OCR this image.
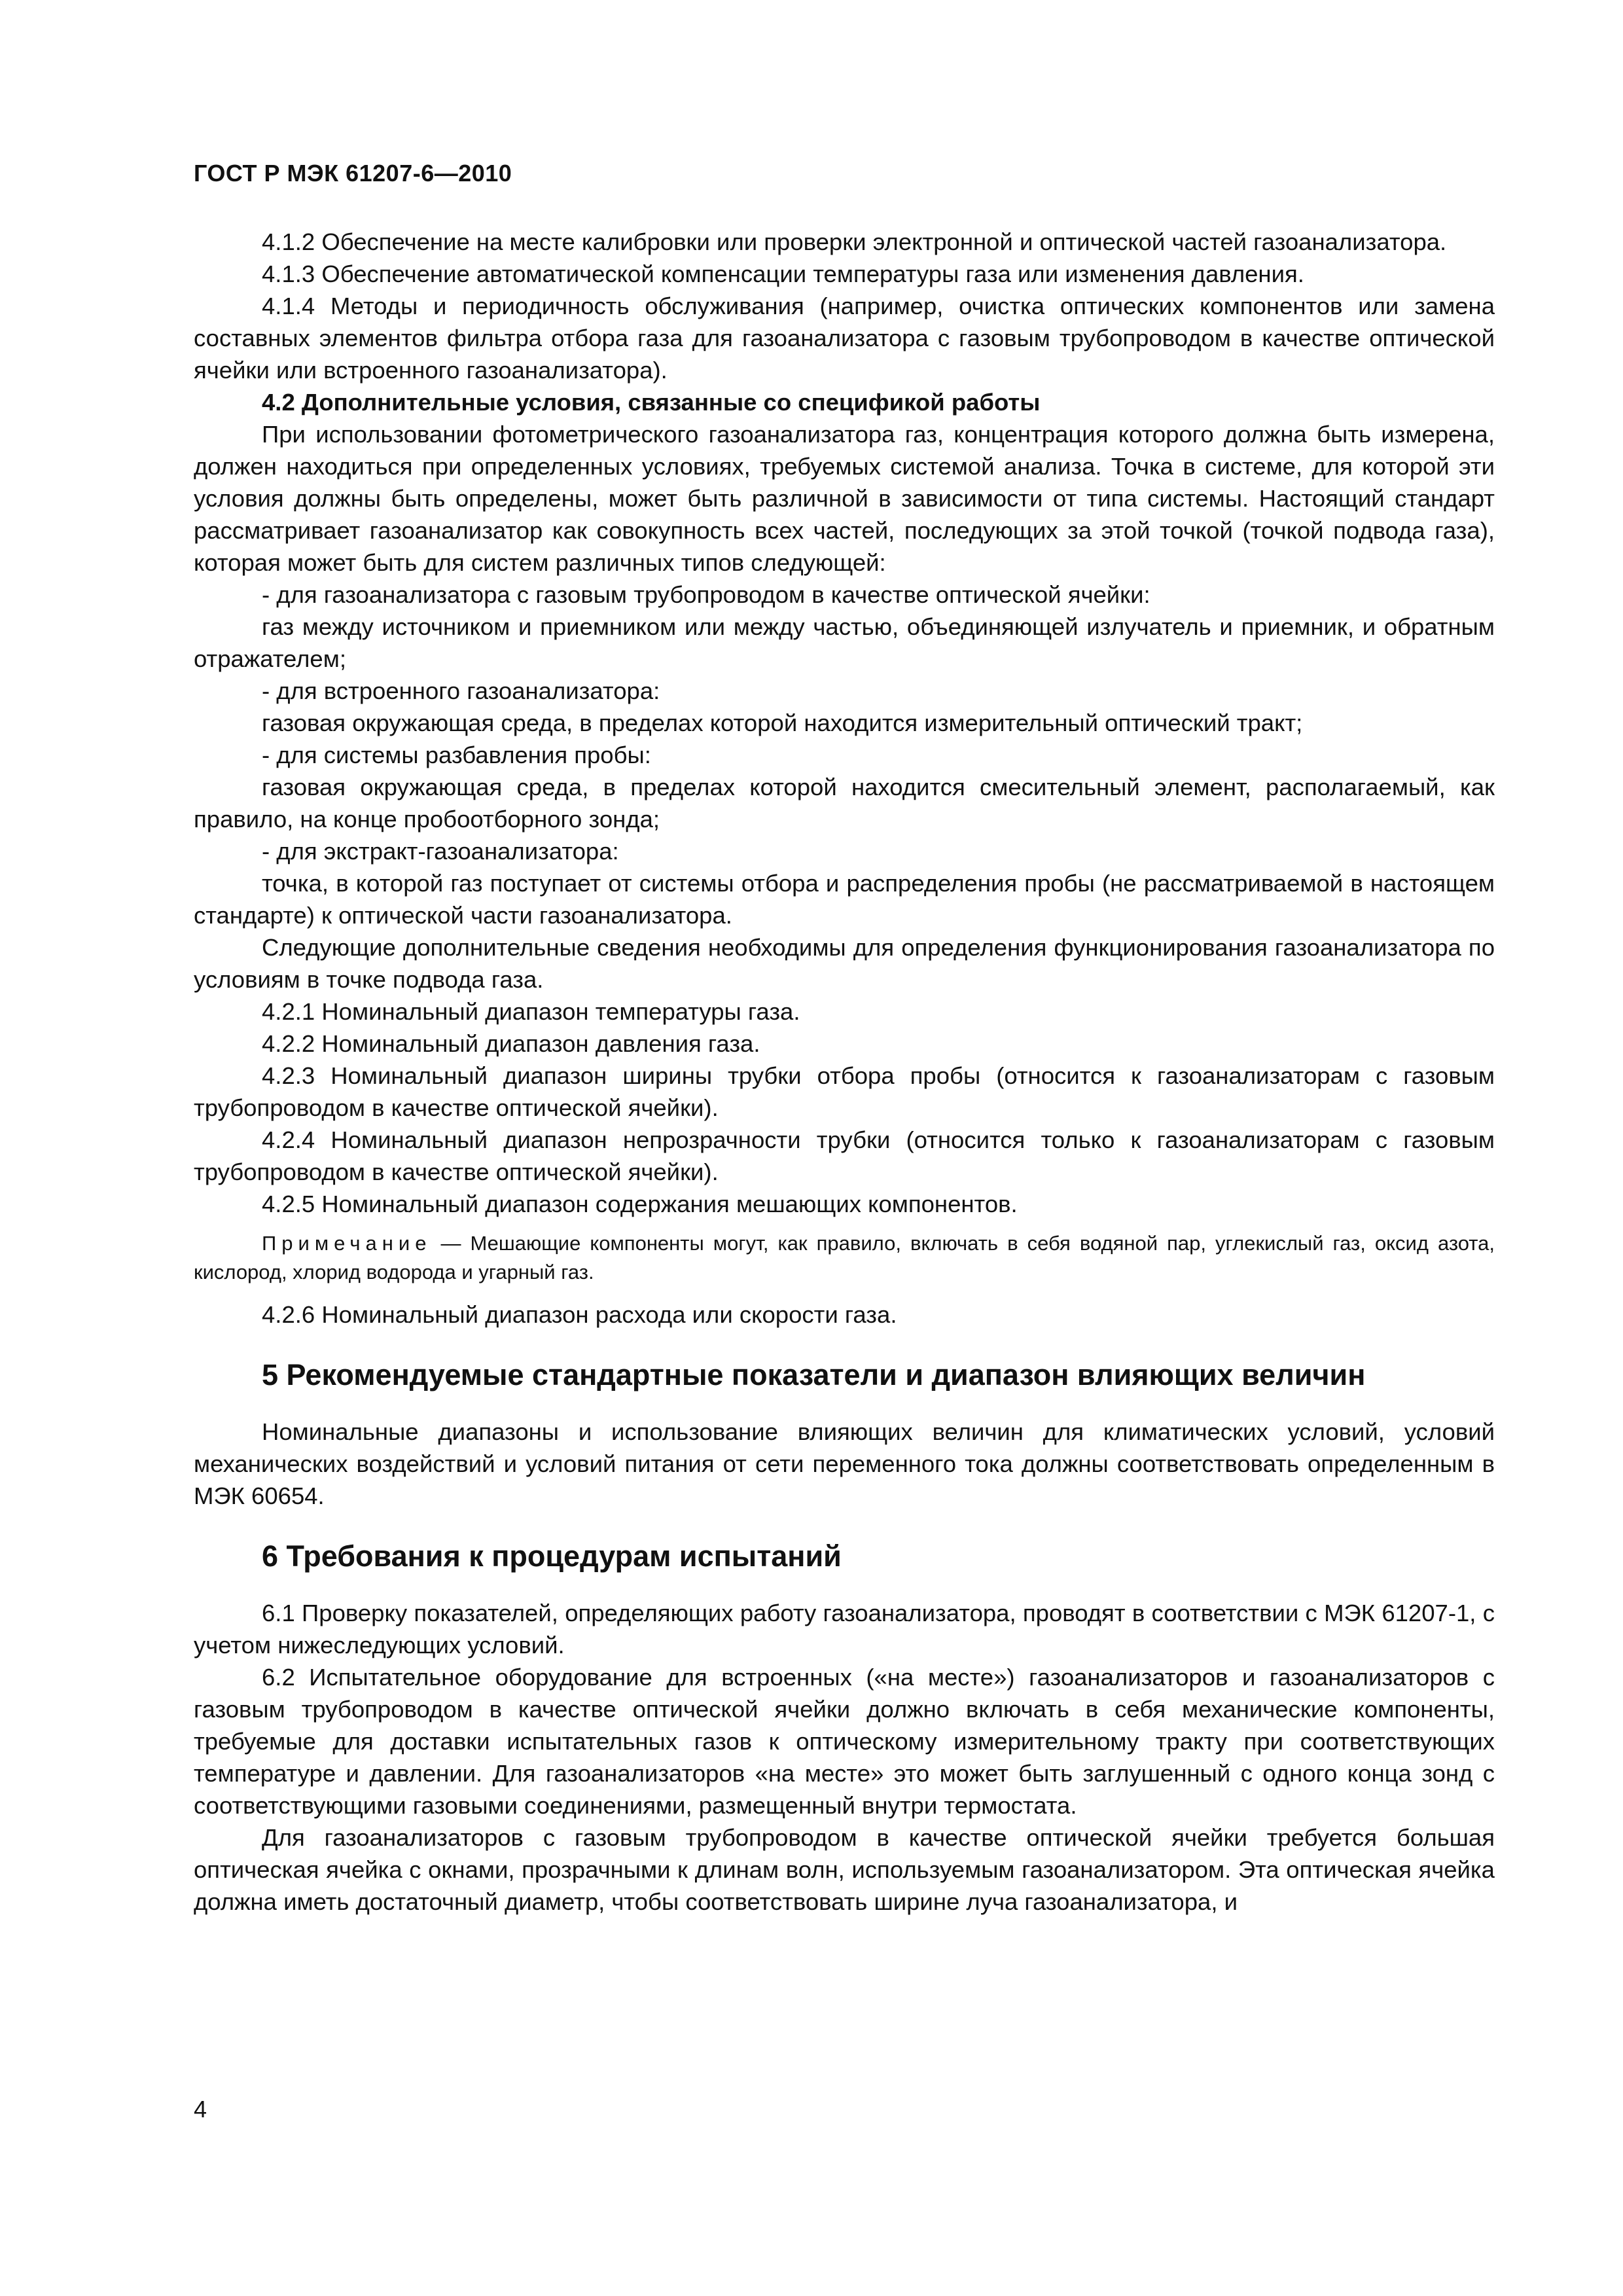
ГОСТ Р МЭК 61207-6—2010

4.1.2 Обеспечение на месте калибровки или проверки электронной и оптической частей газоанализатора.

4.1.3 Обеспечение автоматической компенсации температуры газа или изменения давления.

4.1.4 Методы и периодичность обслуживания (например, очистка оптических компонентов или замена составных элементов фильтра отбора газа для газоанализатора с газовым трубопроводом в качестве оптической ячейки или встроенного газоанализатора).

4.2 Дополнительные условия, связанные со спецификой работы

При использовании фотометрического газоанализатора газ, концентрация которого должна быть измерена, должен находиться при определенных условиях, требуемых системой анализа. Точка в системе, для которой эти условия должны быть определены, может быть различной в зависимости от типа системы. Настоящий стандарт рассматривает газоанализатор как совокупность всех частей, последующих за этой точкой (точкой подвода газа), которая может быть для систем различных типов следующей:

- для газоанализатора с газовым трубопроводом в качестве оптической ячейки:

газ между источником и приемником или между частью, объединяющей излучатель и приемник, и обратным отражателем;

- для встроенного газоанализатора:

газовая окружающая среда, в пределах которой находится измерительный оптический тракт;

- для системы разбавления пробы:

газовая окружающая среда, в пределах которой находится смесительный элемент, располагаемый, как правило, на конце пробоотборного зонда;

- для экстракт-газоанализатора:

точка, в которой газ поступает от системы отбора и распределения пробы (не рассматриваемой в настоящем стандарте) к оптической части газоанализатора.

Следующие дополнительные сведения необходимы для определения функционирования газоанализатора по условиям в точке подвода газа.

4.2.1 Номинальный диапазон температуры газа.

4.2.2 Номинальный диапазон давления газа.

4.2.3 Номинальный диапазон ширины трубки отбора пробы (относится к газоанализаторам с газовым трубопроводом в качестве оптической ячейки).

4.2.4 Номинальный диапазон непрозрачности трубки (относится только к газоанализаторам с газовым трубопроводом в качестве оптической ячейки).

4.2.5 Номинальный диапазон содержания мешающих компонентов.

Примечание — Мешающие компоненты могут, как правило, включать в себя водяной пар, углекислый газ, оксид азота, кислород, хлорид водорода и угарный газ.

4.2.6 Номинальный диапазон расхода или скорости газа.

5 Рекомендуемые стандартные показатели и диапазон влияющих величин

Номинальные диапазоны и использование влияющих величин для климатических условий, условий механических воздействий и условий питания от сети переменного тока должны соответствовать определенным в МЭК 60654.

6 Требования к процедурам испытаний

6.1 Проверку показателей, определяющих работу газоанализатора, проводят в соответствии с МЭК 61207-1, с учетом нижеследующих условий.

6.2 Испытательное оборудование для встроенных («на месте») газоанализаторов и газоанализаторов с газовым трубопроводом в качестве оптической ячейки должно включать в себя механические компоненты, требуемые для доставки испытательных газов к оптическому измерительному тракту при соответствующих температуре и давлении. Для газоанализаторов «на месте» это может быть заглушенный с одного конца зонд с соответствующими газовыми соединениями, размещенный внутри термостата.

Для газоанализаторов с газовым трубопроводом в качестве оптической ячейки требуется большая оптическая ячейка с окнами, прозрачными к длинам волн, используемым газоанализатором. Эта оптическая ячейка должна иметь достаточный диаметр, чтобы соответствовать ширине луча газоанализатора, и

4
